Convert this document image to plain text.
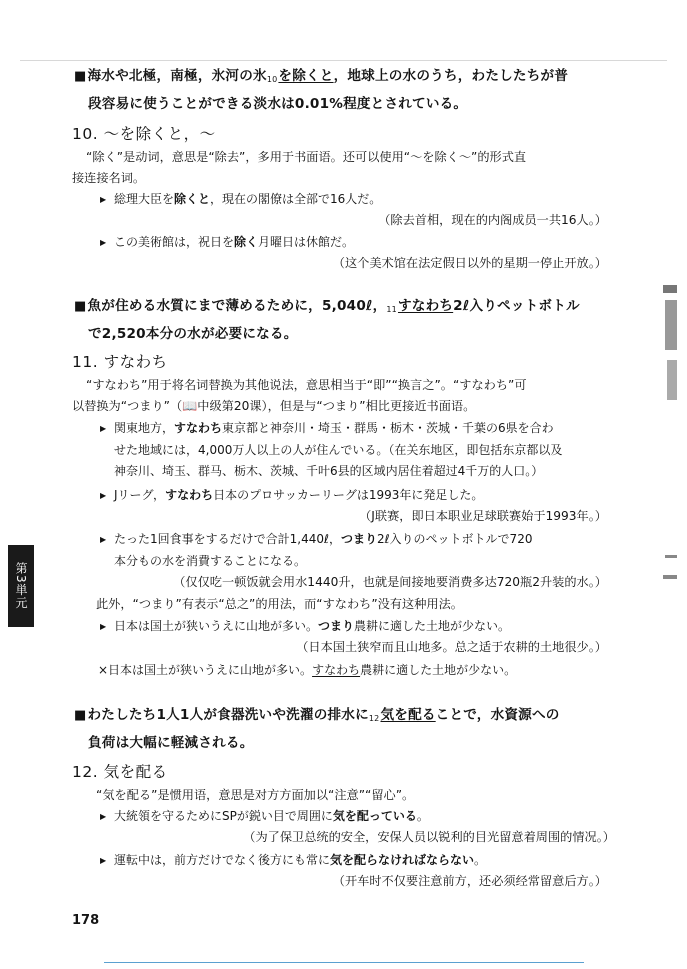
■海水や北極，南極，氷河の氷$_{10}$を除くと，地球上の水のうち，わたしたちが普
段容易に使うことができる淡水は0.01%程度とされている。
10. ～を除くと，～
“除く”是动词，意思是“除去”，多用于书面语。还可以使用“～を除く～”的形式直
接连接名词。
▶ 総理大臣を除くと，現在の閣僚は全部で16人だ。
（除去首相，现在的内阁成员一共16人。）
▶ この美術館は，祝日を除く月曜日は休館だ。
（这个美术馆在法定假日以外的星期一停止开放。）
■魚が住める水質にまで薄めるために，5,040ℓ，$_{11}$すなわち2ℓ入りペットボトル
で2,520本分の水が必要になる。
11. すなわち
“すなわち”用于将名词替换为其他说法，意思相当于“即”“换言之”。“すなわち”可
以替换为“つまり”（📖中级第20课），但是与“つまり”相比更接近书面语。
▶ 関東地方，すなわち東京都と神奈川・埼玉・群馬・栃木・茨城・千葉の6県を合わ
せた地域には，4,000万人以上の人が住んでいる。（在关东地区，即包括东京都以及
神奈川、埼玉、群马、栃木、茨城、千叶6县的区域内居住着超过4千万的人口。）
▶ Jリーグ，すなわち日本のプロサッカーリーグは1993年に発足した。
（J联赛，即日本职业足球联赛始于1993年。）
▶ たった1回食事をするだけで合計1,440ℓ，つまり2ℓ入りのペットボトルで720
本分もの水を消費することになる。
（仅仅吃一顿饭就会用水1440升，也就是间接地要消费多达720瓶2升装的水。）
此外，“つまり”有表示“总之”的用法，而“すなわち”没有这种用法。
▶ 日本は国土が狭いうえに山地が多い。つまり農耕に適した土地が少ない。
（日本国土狭窄而且山地多。总之适于农耕的土地很少。）
×日本は国土が狭いうえに山地が多い。すなわち農耕に適した土地が少ない。
■わたしたち1人1人が食器洗いや洗濯の排水に$_{12}$気を配ることで，水資源への
負荷は大幅に軽減される。
12. 気を配る
“気を配る”是惯用语，意思是对方方面加以“注意”“留心”。
▶ 大統領を守るためにSPが鋭い目で周囲に気を配っている。
（为了保卫总统的安全，安保人员以锐利的目光留意着周围的情况。）
▶ 運転中は，前方だけでなく後方にも常に気を配らなければならない。
（开车时不仅要注意前方，还必须经常留意后方。）
第3単元
178
